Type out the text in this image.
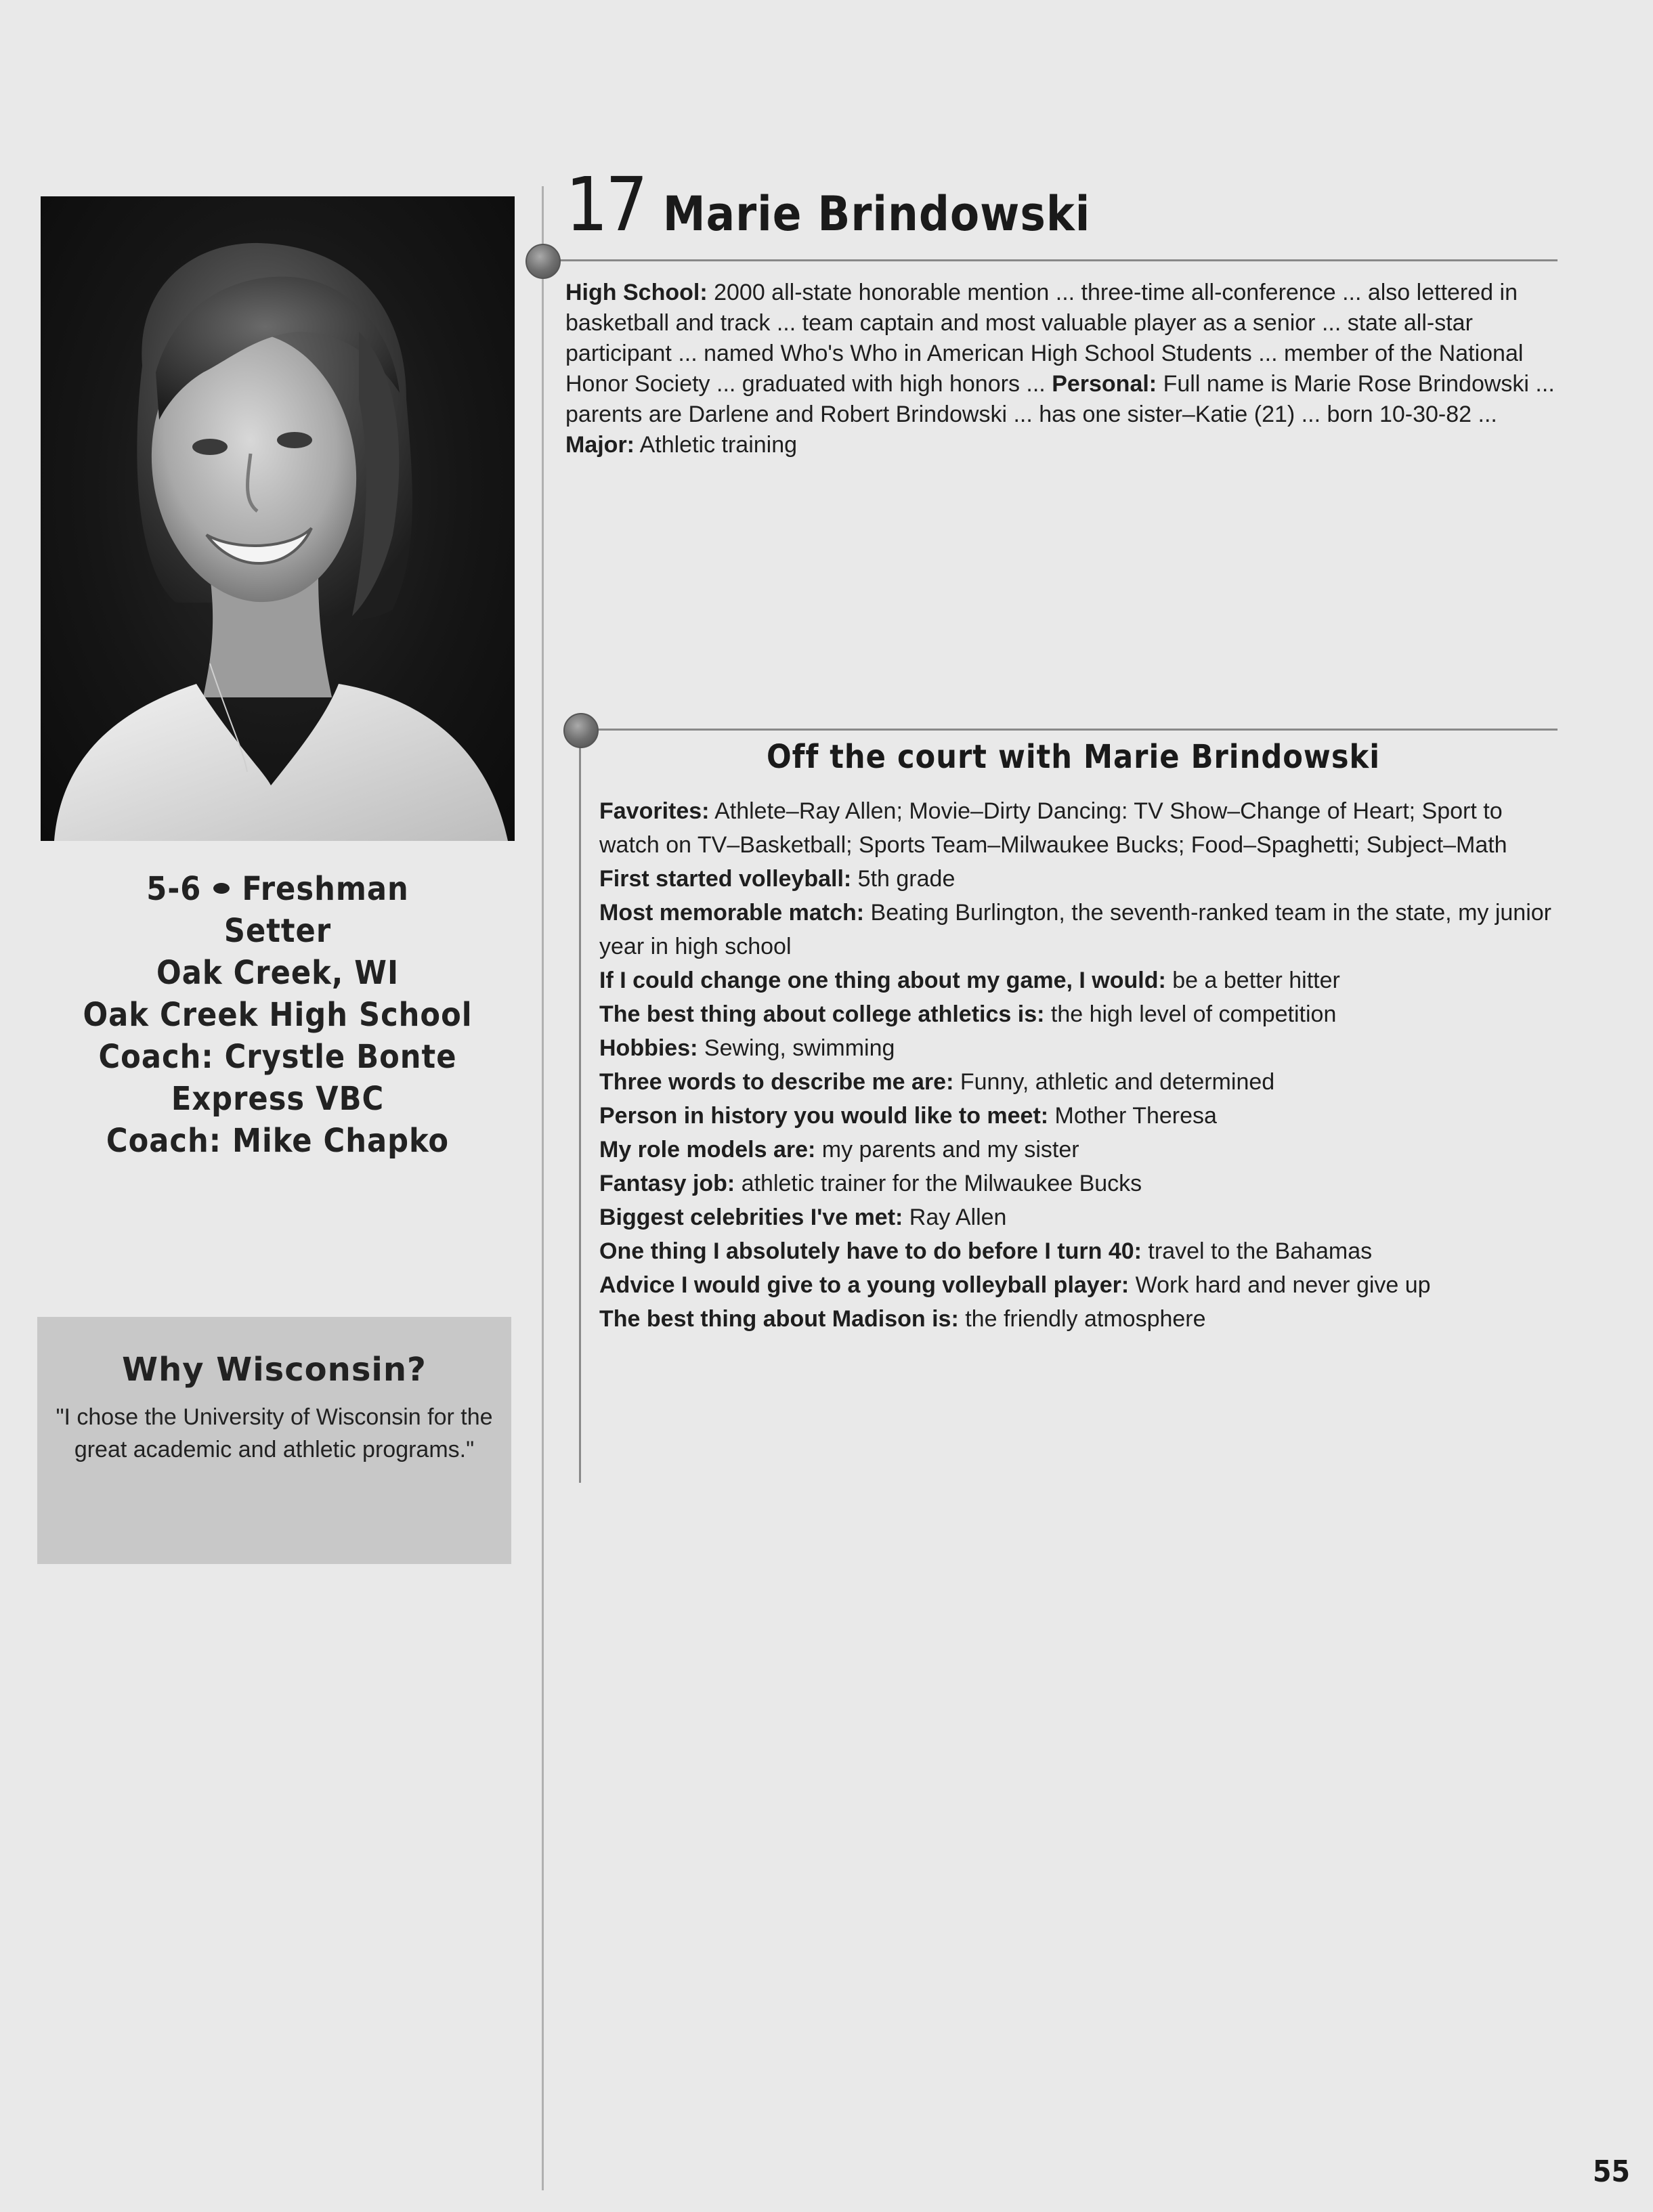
5-6 Freshman
Setter
Oak Creek, WI
Oak Creek High School
Coach: Crystle Bonte
Express VBC
Coach: Mike Chapko
Why Wisconsin?

"I chose the University of Wisconsin for the great academic and athletic programs."

17 Marie Brindowski
High School: 2000 all-state honorable mention ... three-time all-conference ... also lettered in basketball and track ... team captain and most valuable player as a senior ... state all-star participant ... named Who's Who in American High School Students ... member of the National Honor Society ... graduated with high honors ... Personal: Full name is Marie Rose Brindowski ... parents are Darlene and Robert Brindowski ... has one sister–Katie (21) ... born 10-30-82 ... Major: Athletic training
Off the court with Marie Brindowski

Favorites: Athlete–Ray Allen; Movie–Dirty Dancing: TV Show–Change of Heart; Sport to watch on TV–Basketball; Sports Team–Milwaukee Bucks; Food–Spaghetti; Subject–Math

First started volleyball: 5th grade

Most memorable match: Beating Burlington, the seventh-ranked team in the state, my junior year in high school

If I could change one thing about my game, I would: be a better hitter

The best thing about college athletics is: the high level of competition

Hobbies: Sewing, swimming

Three words to describe me are: Funny, athletic and determined

Person in history you would like to meet: Mother Theresa

My role models are: my parents and my sister

Fantasy job: athletic trainer for the Milwaukee Bucks

Biggest celebrities I've met: Ray Allen

One thing I absolutely have to do before I turn 40: travel to the Bahamas

Advice I would give to a young volleyball player: Work hard and never give up

The best thing about Madison is: the friendly atmosphere

55
